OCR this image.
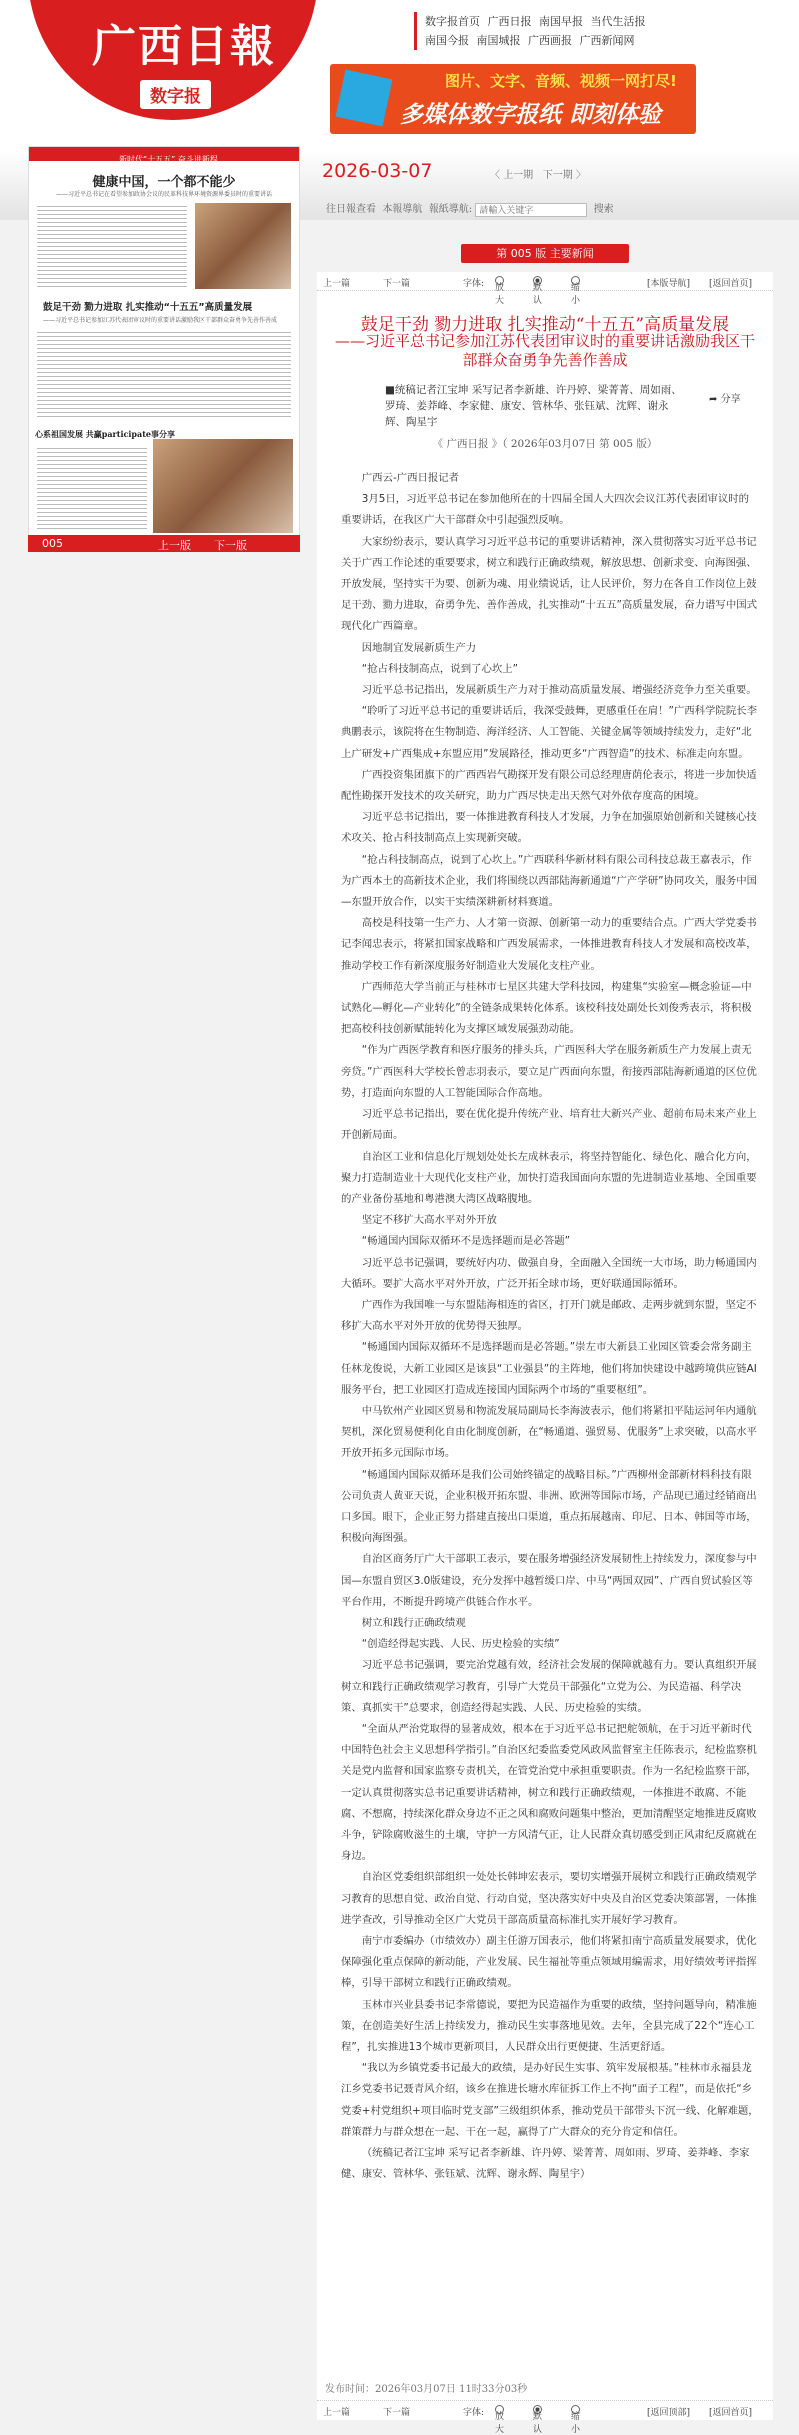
广西日報
数字报
数字报首页 广西日报 南国早报 当代生活报
南国今报 南国城报 广西画报 广西新闻网
图片、文字、音频、视频一网打尽!
多媒体数字报纸 即刻体验
新时代“十五五” 奋斗进新程
健康中国，一个都不能少
——习近平总书记在看望参加政协会议的民革科技界环境资源界委员时的重要讲话
鼓足干劲 勠力进取 扎实推动“十五五”高质量发展
——习近平总书记参加江苏代表团审议时的重要讲话激励我区干部群众奋勇争先善作善成
心系祖国发展 共赢participate事分享
005	上一版 下一版
2026-03-07	〈 上一期 下一期 〉
往日報查看 本報導航 報紙導航: 請輸入关键字	搜索
第 005 版 主要新闻
上一篇	下一篇	字体: 放大
默认
缩小
[本版导航] [返回首页]
鼓足干劲 勠力进取 扎实推动“十五五”高质量发展
——习近平总书记参加江苏代表团审议时的重要讲话激励我区干部群众奋勇争先善作善成
■统稿记者江宝坤 采写记者李新雄、许丹婷、梁菁菁、周如雨、罗琦、姜莽峰、李家健、康安、管林华、张钰斌、沈辉、谢永辉、陶星宇
➦ 分享
《 广西日报 》（ 2026年03月07日 第 005 版）

广西云-广西日报记者

3月5日，习近平总书记在参加他所在的十四届全国人大四次会议江苏代表团审议时的重要讲话，在我区广大干部群众中引起强烈反响。

大家纷纷表示，要认真学习习近平总书记的重要讲话精神，深入贯彻落实习近平总书记关于广西工作论述的重要要求，树立和践行正确政绩观，解放思想、创新求变、向海图强、开放发展，坚持实干为要、创新为魂、用业绩说话，让人民评价，努力在各自工作岗位上鼓足干劲、勠力进取，奋勇争先、善作善成，扎实推动“十五五”高质量发展，奋力谱写中国式现代化广西篇章。

因地制宜发展新质生产力

“抢占科技制高点，说到了心坎上”

习近平总书记指出，发展新质生产力对于推动高质量发展、增强经济竞争力至关重要。

“聆听了习近平总书记的重要讲话后，我深受鼓舞，更感重任在肩！”广西科学院院长李典鹏表示，该院将在生物制造、海洋经济、人工智能、关键金属等领域持续发力，走好“北上广研发+广西集成+东盟应用”发展路径，推动更多“广西智造”的技术、标准走向东盟。

广西投资集团旗下的广西西岩气勘探开发有限公司总经理唐荫伦表示，将进一步加快适配性勘探开发技术的攻关研究，助力广西尽快走出天然气对外依存度高的困境。

习近平总书记指出，要一体推进教育科技人才发展，力争在加强原始创新和关键核心技术攻关、抢占科技制高点上实现新突破。

“抢占科技制高点，说到了心坎上。”广西联科华新材料有限公司科技总裁王嘉表示，作为广西本土的高新技术企业，我们将围绕以西部陆海新通道“广产学研”协同攻关，服务中国—东盟开放合作，以实干实绩深耕新材料赛道。

高校是科技第一生产力、人才第一资源、创新第一动力的重要结合点。广西大学党委书记李闻忠表示，将紧扣国家战略和广西发展需求，一体推进教育科技人才发展和高校改革，推动学校工作有新深度服务好制造业大发展化支柱产业。

广西师范大学当前正与桂林市七星区共建大学科技园，构建集“实验室—概念验证—中试熟化—孵化—产业转化”的全链条成果转化体系。该校科技处副处长刘俊秀表示，将积极把高校科技创新赋能转化为支撑区域发展强劲动能。

“作为广西医学教育和医疗服务的排头兵，广西医科大学在服务新质生产力发展上责无旁贷。”广西医科大学校长曾志羽表示，要立足广西面向东盟，衔接西部陆海新通道的区位优势，打造面向东盟的人工智能国际合作高地。

习近平总书记指出，要在优化提升传统产业、培育壮大新兴产业、超前布局未来产业上开创新局面。

自治区工业和信息化厅规划处处长左成林表示，将坚持智能化、绿色化、融合化方向，聚力打造制造业十大现代化支柱产业，加快打造我国面向东盟的先进制造业基地、全国重要的产业备份基地和粤港澳大湾区战略腹地。

坚定不移扩大高水平对外开放

“畅通国内国际双循环不是选择题而是必答题”

习近平总书记强调，要统好内功、做强自身，全面融入全国统一大市场，助力畅通国内大循环。要扩大高水平对外开放，广泛开拓全球市场，更好联通国际循环。

广西作为我国唯一与东盟陆海相连的省区，打开门就是邮政、走两步就到东盟，坚定不移扩大高水平对外开放的优势得天独厚。

“畅通国内国际双循环不是选择题而是必答题。”崇左市大新县工业园区管委会常务副主任林龙俊说，大新工业园区是该县“工业强县”的主阵地，他们将加快建设中越跨境供应链AI服务平台，把工业园区打造成连接国内国际两个市场的“重要枢纽”。

中马钦州产业园区贸易和物流发展局副局长李海波表示，他们将紧扣平陆运河年内通航契机，深化贸易便利化自由化制度创新，在“畅通道、强贸易、优服务”上求突破，以高水平开放开拓多元国际市场。

“畅通国内国际双循环是我们公司始终锚定的战略目标。”广西柳州金部新材料科技有限公司负责人黄亚天说，企业积极开拓东盟、非洲、欧洲等国际市场，产品现已通过经销商出口多国。眼下，企业正努力搭建直接出口渠道，重点拓展越南、印尼、日本、韩国等市场，积极向海图强。

自治区商务厅广大干部职工表示，要在服务增强经济发展韧性上持续发力，深度参与中国—东盟自贸区3.0版建设，充分发挥中越暂缓口岸、中马“两国双园”、广西自贸试验区等平台作用，不断提升跨境产供链合作水平。

树立和践行正确政绩观

“创造经得起实践、人民、历史检验的实绩”

习近平总书记强调，要完治党越有效，经济社会发展的保障就越有力。要认真组织开展树立和践行正确政绩观学习教育，引导广大党员干部强化“立党为公、为民造福、科学决策、真抓实干”总要求，创造经得起实践、人民、历史检验的实绩。

“全面从严治党取得的显著成效，根本在于习近平总书记把舵领航，在于习近平新时代中国特色社会主义思想科学指引。”自治区纪委监委党风政风监督室主任陈表示，纪检监察机关是党内监督和国家监察专责机关，在管党治党中承担重要职责。作为一名纪检监察干部，一定认真贯彻落实总书记重要讲话精神，树立和践行正确政绩观，一体推进不敢腐、不能腐、不想腐，持续深化群众身边不正之风和腐败问题集中整治，更加清醒坚定地推进反腐败斗争，铲除腐败滋生的土壤，守护一方风清气正，让人民群众真切感受到正风肃纪反腐就在身边。

自治区党委组织部组织一处处长韩坤宏表示，要切实增强开展树立和践行正确政绩观学习教育的思想自觉、政治自觉、行动自觉，坚决落实好中央及自治区党委决策部署，一体推进学查改，引导推动全区广大党员干部高质量高标准扎实开展好学习教育。

南宁市委编办（市绩效办）副主任游万国表示，他们将紧扣南宁高质量发展要求，优化保障强化重点保障的新动能，产业发展、民生福祉等重点领域用编需求，用好绩效考评指挥棒，引导干部树立和践行正确政绩观。

玉林市兴业县委书记李常德说，要把为民造福作为重要的政绩，坚持问题导向，精准施策，在创造美好生活上持续发力，推动民生实事落地见效。去年，全县完成了22个“连心工程”，扎实推进13个城市更新项目，人民群众出行更便捷、生活更舒适。

“我以为乡镇党委书记最大的政绩，是办好民生实事、筑牢发展根基。”桂林市永福县龙江乡党委书记聂青风介绍，该乡在推进长塘水库征拆工作上不拘“面子工程”，而是依托“乡党委+村党组织+项目临时党支部”三级组织体系，推动党员干部带头下沉一线、化解难题，群策群力与群众想在一起、干在一起，赢得了广大群众的充分肯定和信任。

（统稿记者江宝坤 采写记者李新雄、许丹婷、梁菁菁、周如雨、罗琦、姜莽峰、李家健、康安、管林华、张钰斌、沈辉、谢永辉、陶星宇）

发布时间：2026年03月07日 11时33分03秒
上一篇	下一篇	字体: 放大
默认
缩小
[返回顶部] [返回首页]
